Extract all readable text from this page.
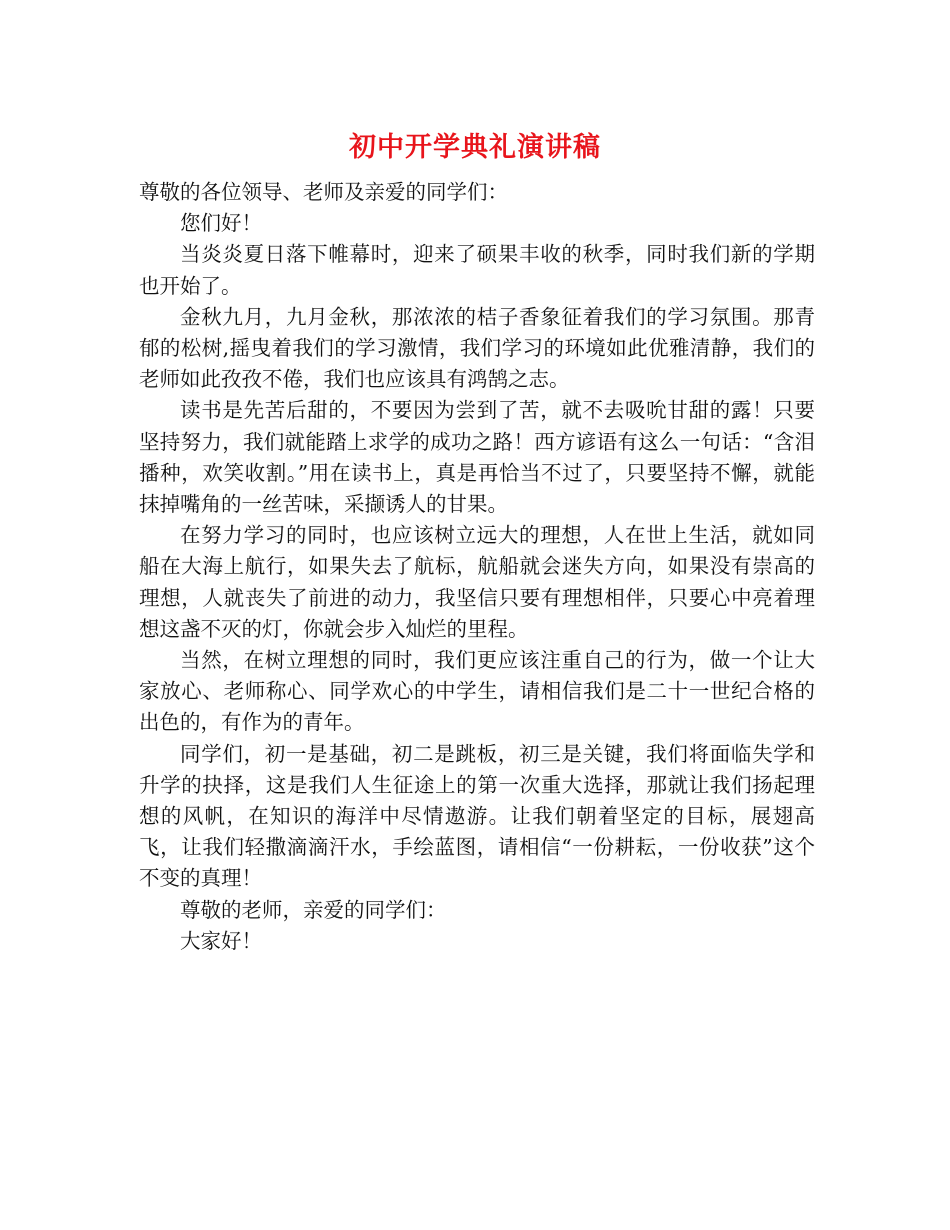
初中开学典礼演讲稿

尊敬的各位领导、老师及亲爱的同学们：

您们好！

当炎炎夏日落下帷幕时，迎来了硕果丰收的秋季，同时我们新的学期也开始了。

金秋九月，九月金秋，那浓浓的桔子香象征着我们的学习氛围。那青郁的松树,摇曳着我们的学习激情，我们学习的环境如此优雅清静，我们的老师如此孜孜不倦，我们也应该具有鸿鹄之志。

读书是先苦后甜的，不要因为尝到了苦，就不去吸吮甘甜的露！只要坚持努力，我们就能踏上求学的成功之路！西方谚语有这么一句话：“含泪播种，欢笑收割。”用在读书上，真是再恰当不过了，只要坚持不懈，就能抹掉嘴角的一丝苦味，采撷诱人的甘果。

在努力学习的同时，也应该树立远大的理想，人在世上生活，就如同船在大海上航行，如果失去了航标，航船就会迷失方向，如果没有崇高的理想，人就丧失了前进的动力，我坚信只要有理想相伴，只要心中亮着理想这盏不灭的灯，你就会步入灿烂的里程。

当然，在树立理想的同时，我们更应该注重自己的行为，做一个让大家放心、老师称心、同学欢心的中学生，请相信我们是二十一世纪合格的出色的，有作为的青年。

同学们，初一是基础，初二是跳板，初三是关键，我们将面临失学和升学的抉择，这是我们人生征途上的第一次重大选择，那就让我们扬起理想的风帆，在知识的海洋中尽情遨游。让我们朝着坚定的目标，展翅高飞，让我们轻撒滴滴汗水，手绘蓝图，请相信“一份耕耘，一份收获”这个不变的真理！

尊敬的老师，亲爱的同学们：

大家好！
